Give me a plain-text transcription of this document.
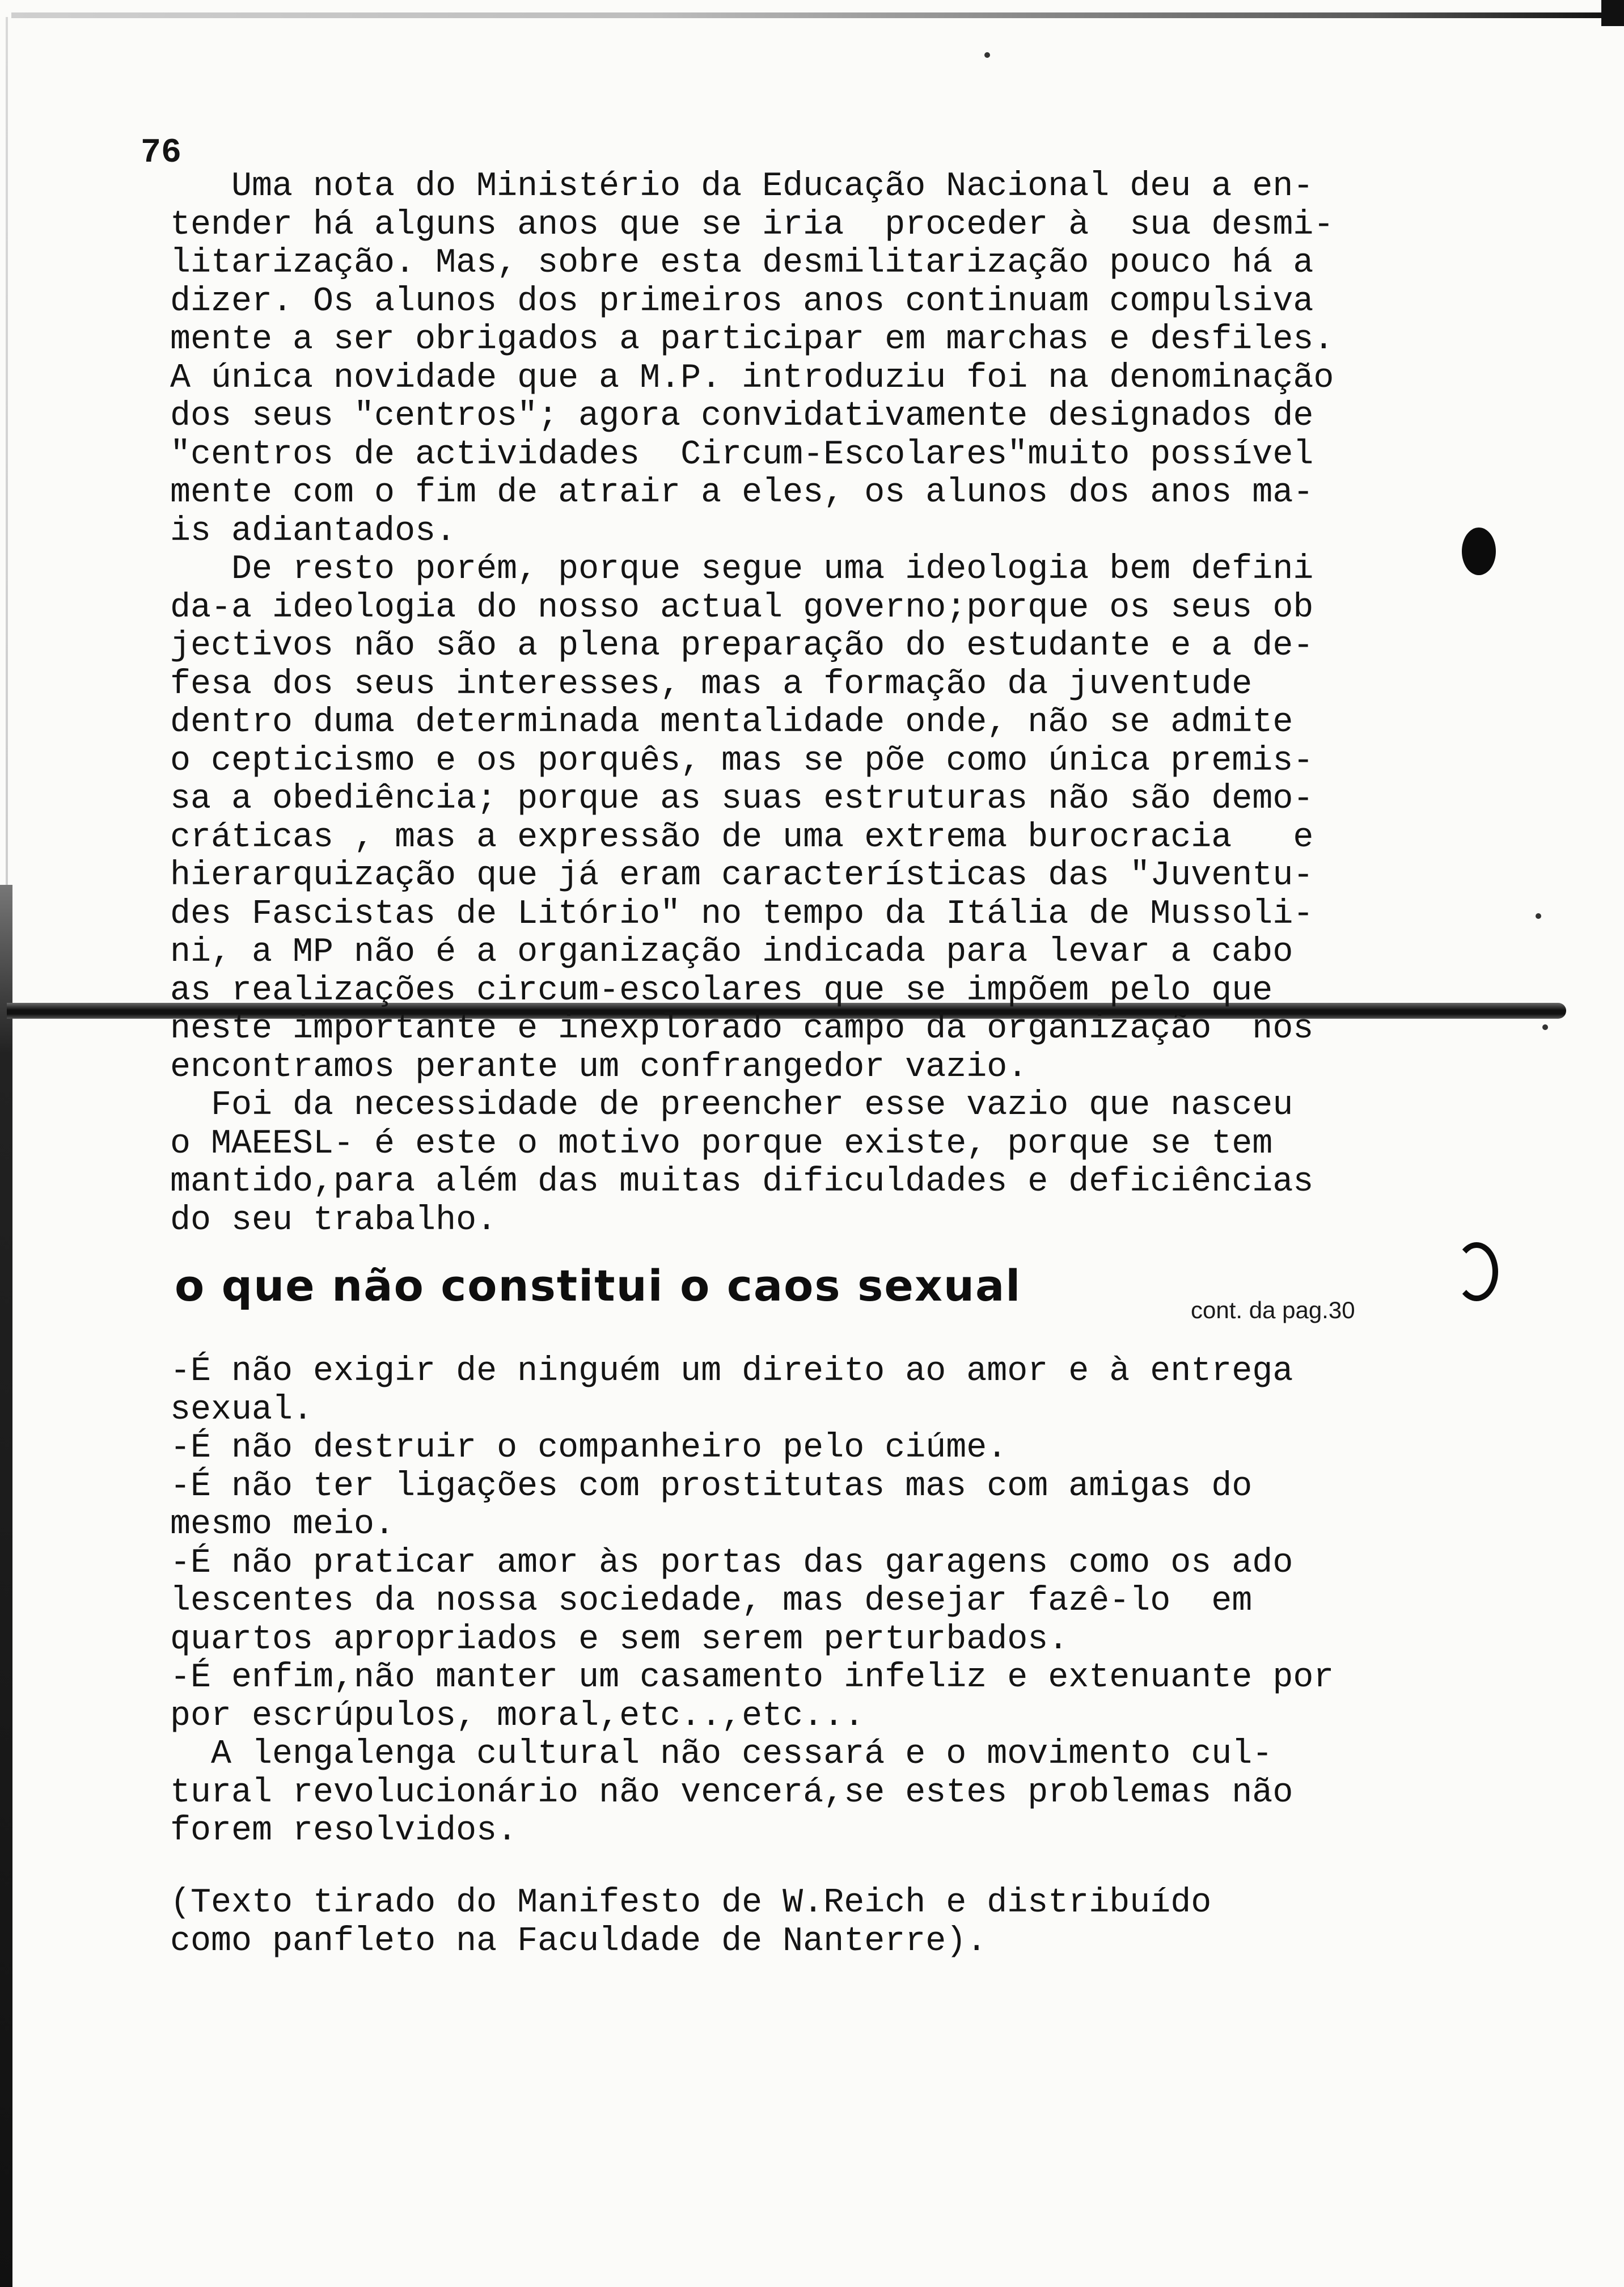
76
Uma nota do Ministério da Educação Nacional deu a en-
tender há alguns anos que se iria  proceder à  sua desmi-
litarização. Mas, sobre esta desmilitarização pouco há a
dizer. Os alunos dos primeiros anos continuam compulsiva
mente a ser obrigados a participar em marchas e desfiles.
A única novidade que a M.P. introduziu foi na denominação
dos seus "centros"; agora convidativamente designados de
"centros de actividades  Circum-Escolares"muito possível
mente com o fim de atrair a eles, os alunos dos anos ma-
is adiantados.
De resto porém, porque segue uma ideologia bem defini
da-a ideologia do nosso actual governo;porque os seus ob
jectivos não são a plena preparação do estudante e a de-
fesa dos seus interesses, mas a formação da juventude
dentro duma determinada mentalidade onde, não se admite
o cepticismo e os porquês, mas se põe como única premis-
sa a obediência; porque as suas estruturas não são demo-
cráticas , mas a expressão de uma extrema burocracia   e
hierarquização que já eram características das "Juventu-
des Fascistas de Litório" no tempo da Itália de Mussoli-
ni, a MP não é a organização indicada para levar a cabo
as realizações circum-escolares que se impõem pelo que
neste importante e inexplorado campo da organização  nos
encontramos perante um confrangedor vazio.
Foi da necessidade de preencher esse vazio que nasceu
o MAEESL- é este o motivo porque existe, porque se tem
mantido,para além das muitas dificuldades e deficiências
do seu trabalho.
o que não constitui o caos sexual	cont. da pag.30
-É não exigir de ninguém um direito ao amor e à entrega
sexual.
-É não destruir o companheiro pelo ciúme.
-É não ter ligações com prostitutas mas com amigas do
mesmo meio.
-É não praticar amor às portas das garagens como os ado
lescentes da nossa sociedade, mas desejar fazê-lo  em
quartos apropriados e sem serem perturbados.
-É enfim,não manter um casamento infeliz e extenuante por
por escrúpulos, moral,etc..,etc...
A lengalenga cultural não cessará e o movimento cul-
tural revolucionário não vencerá,se estes problemas não
forem resolvidos.
(Texto tirado do Manifesto de W.Reich e distribuído
como panfleto na Faculdade de Nanterre).
